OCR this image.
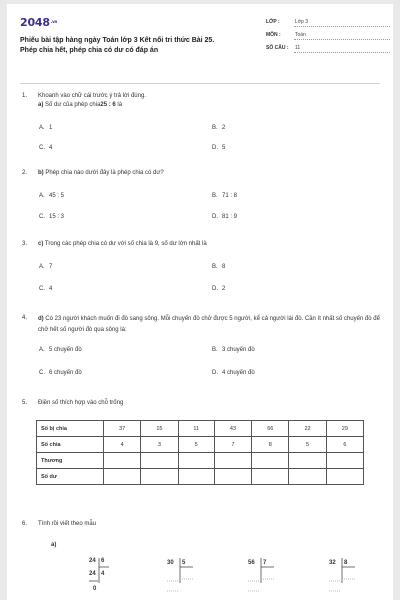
$2048^{.vn}$
Phiếu bài tập hàng ngày Toán lớp 3 Kết nối tri thức Bài 25.
Phép chia hết, phép chia có dư có đáp án
LỚP :	Lớp 3
MÔN :	Toán
SỐ CÂU : 11
1. Khoanh vào chữ cái trước ý trả lời đúng.
a) Số dư của phép chia25 : 6 là
A. 1	B. 2
C. 4	D. 5
2. b) Phép chia nào dưới đây là phép chia có dư?
A. 45 : 5	B. 71 : 8
C. 15 : 3	D. 81 : 9
3. c) Trong các phép chia có dư với số chia là 9, số dư lớn nhất là
A. 7	B. 8
C. 4	D. 2
4. d) Có 23 người khách muốn đi đò sang sông. Mỗi chuyến đò chở được 5 người, kể cả người lái đò. Cần ít nhất số chuyến đò để chở hết số người đò qua sông là:
A. 5 chuyến đò	B. 3 chuyến đò
C. 6 chuyến đò	D. 4 chuyến đò
5. Điền số thích hợp vào chỗ trống
Số bị chia	37	15	11	43	66	22	29
Số chia	4	3	5	7	8	5	6
Thương							
Số dư							
6. Tính rồi viết theo mẫu
a)
24 6
24 4
0
30 5	56 7	32 8
